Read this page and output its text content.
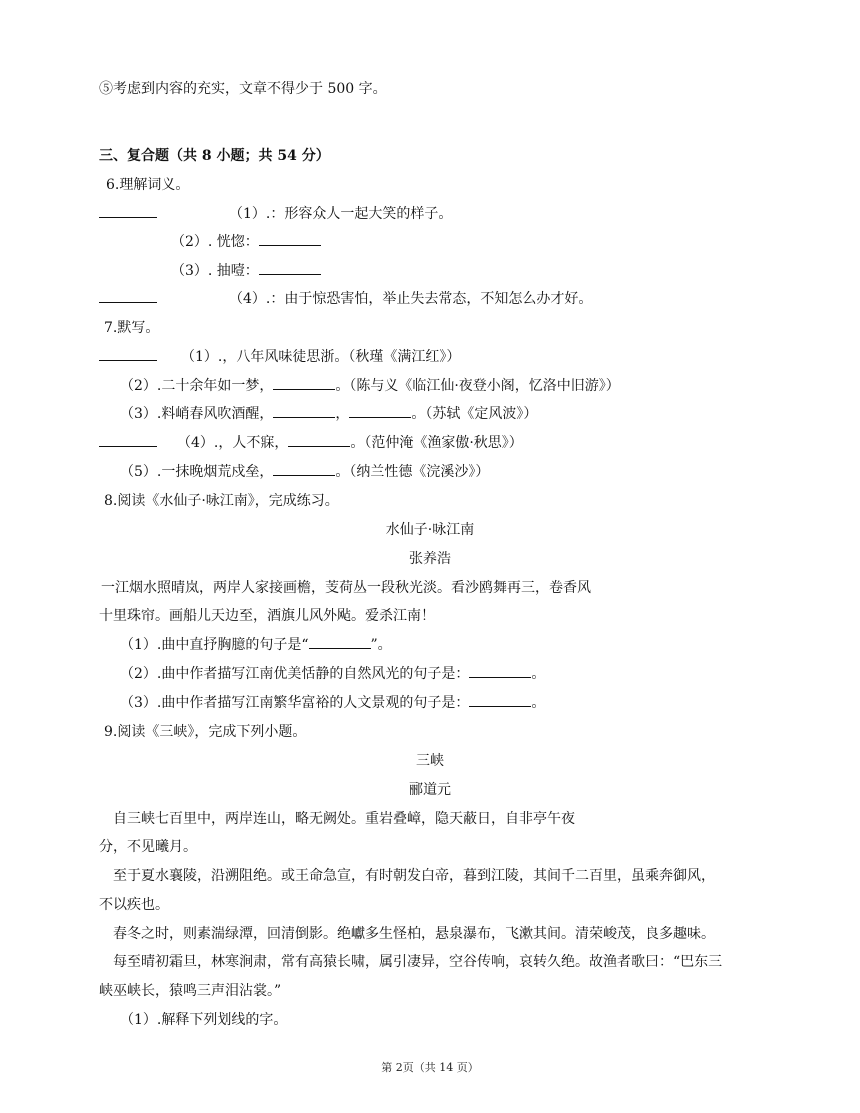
⑤考虑到内容的充实，文章不得少于 500 字。
三、复合题（共 8 小题；共 54 分）
6.理解词义。
（1）.：形容众人一起大笑的样子。
（2）. 恍惚：
（3）. 抽噎：
（4）.：由于惊恐害怕，举止失去常态，不知怎么办才好。
7.默写。
（1）.，八年风味徒思浙。（秋瑾《满江红》）
（2）.二十余年如一梦，	。（陈与义《临江仙·夜登小阁，忆洛中旧游》）
（3）.料峭春风吹酒醒，	，	。（苏轼《定风波》）
（4）.，人不寐，	。（范仲淹《渔家傲·秋思》）
（5）.一抹晚烟荒戍垒，	。（纳兰性德《浣溪沙》）
8.阅读《水仙子·咏江南》，完成练习。
水仙子·咏江南
张养浩
一江烟水照晴岚，两岸人家接画檐，芰荷丛一段秋光淡。看沙鸥舞再三，卷香风
十里珠帘。画船儿天边至，酒旗儿风外飐。爱杀江南！
（1）.曲中直抒胸臆的句子是“	”。
（2）.曲中作者描写江南优美恬静的自然风光的句子是：	。
（3）.曲中作者描写江南繁华富裕的人文景观的句子是：	。
9.阅读《三峡》，完成下列小题。
三峡
郦道元
自三峡七百里中，两岸连山，略无阙处。重岩叠嶂，隐天蔽日，自非亭午夜
分，不见曦月。
至于夏水襄陵，沿溯阻绝。或王命急宣，有时朝发白帝，暮到江陵，其间千二百里，虽乘奔御风，
不以疾也。
春冬之时，则素湍绿潭，回清倒影。绝巘多生怪柏，悬泉瀑布，飞漱其间。清荣峻茂，良多趣味。
每至晴初霜旦，林寒涧肃，常有高猿长啸，属引凄异，空谷传响，哀转久绝。故渔者歌曰：“巴东三
峡巫峡长，猿鸣三声泪沾裳。”
（1）.解释下列划线的字。
第 2页（共 14 页）
